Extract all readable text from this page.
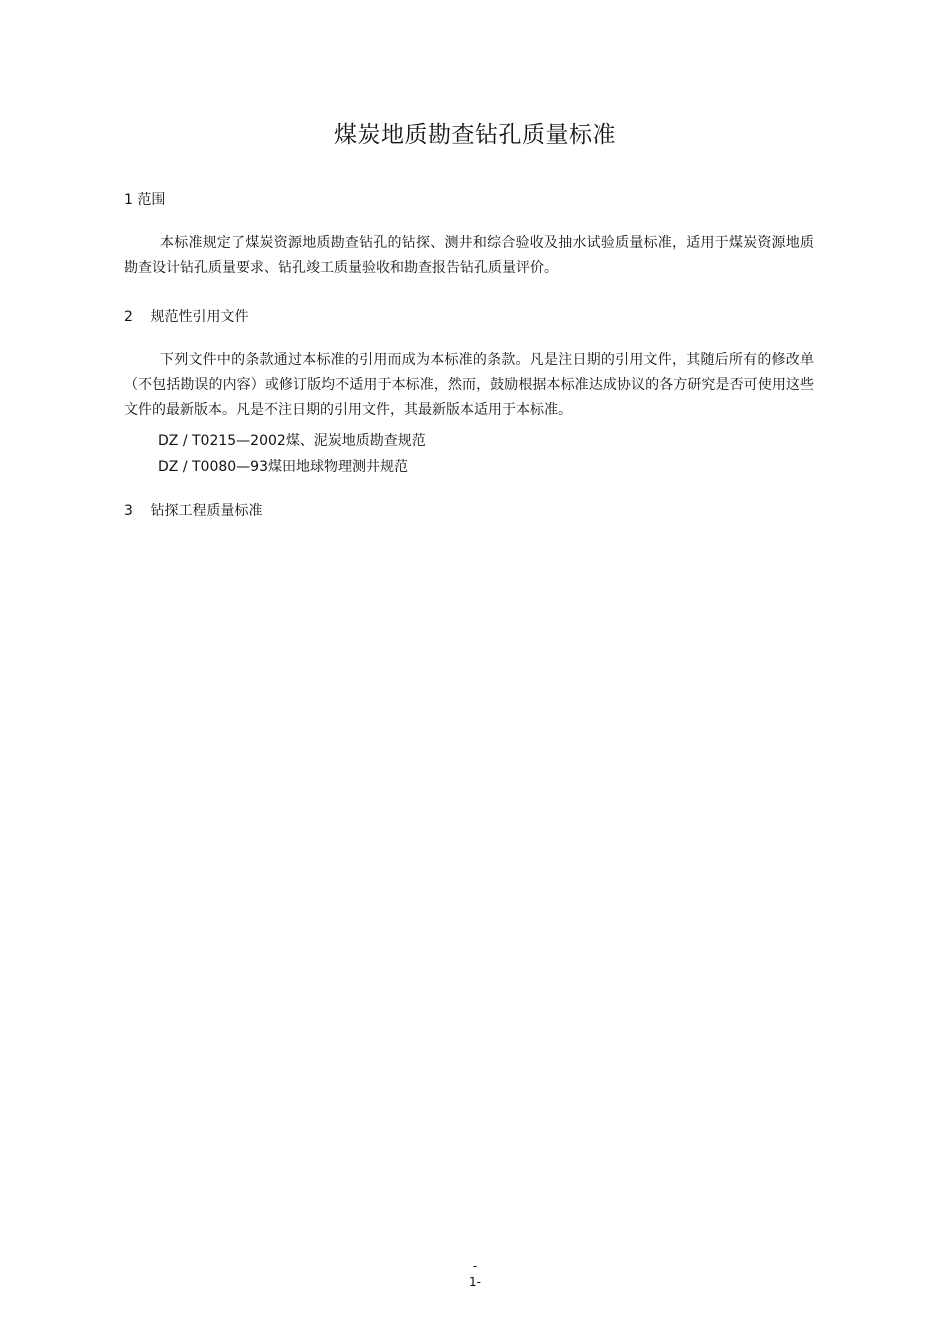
煤炭地质勘查钻孔质量标准
1 范围

本标准规定了煤炭资源地质勘查钻孔的钻探、测井和综合验收及抽水试验质量标准，适用于煤炭资源地质勘查设计钻孔质量要求、钻孔竣工质量验收和勘查报告钻孔质量评价。

2 规范性引用文件

下列文件中的条款通过本标准的引用而成为本标准的条款。凡是注日期的引用文件，其随后所有的修改单（不包括勘误的内容）或修订版均不适用于本标准，然而，鼓励根据本标准达成协议的各方研究是否可使用这些文件的最新版本。凡是不注日期的引用文件，其最新版本适用于本标准。

DZ / T0215—2002煤、泥炭地质勘查规范

DZ / T0080—93煤田地球物理测井规范

3 钻探工程质量标准
-
1-
